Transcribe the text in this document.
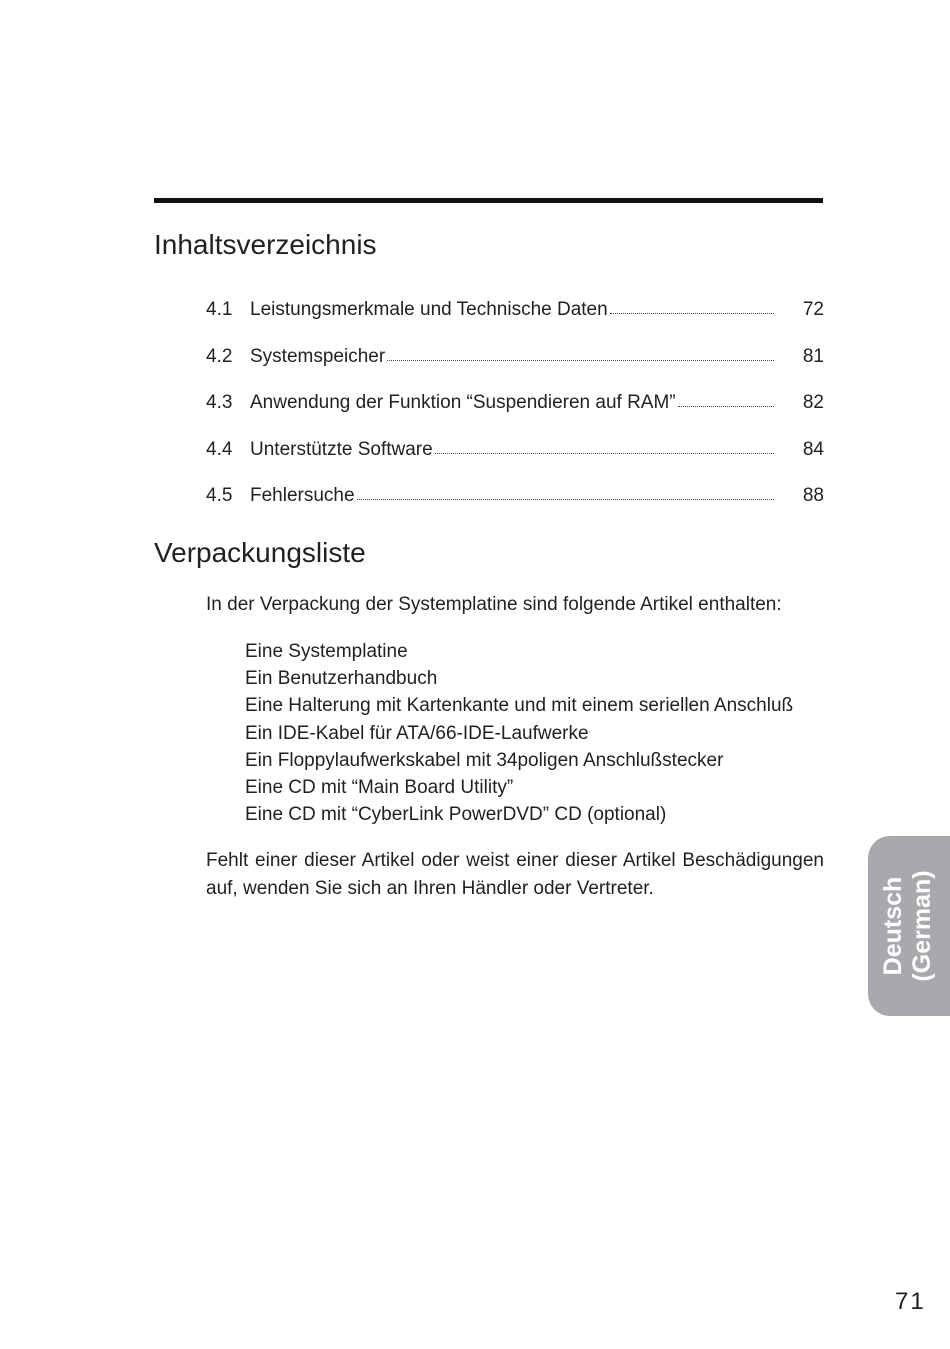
Inhaltsverzeichnis
4.1 Leistungsmerkmale und Technische Daten	72
4.2 Systemspeicher	81
4.3 Anwendung der Funktion “Suspendieren auf RAM”	82
4.4 Unterstützte Software	84
4.5 Fehlersuche	88
Verpackungsliste

In der Verpackung der Systemplatine sind folgende Artikel enthalten:

Eine Systemplatine
Ein Benutzerhandbuch
Eine Halterung mit Kartenkante und mit einem seriellen Anschluß
Ein IDE-Kabel für ATA/66-IDE-Laufwerke
Ein Floppylaufwerkskabel mit 34poligen Anschlußstecker
Eine CD mit “Main Board Utility”
Eine CD mit “CyberLink PowerDVD” CD (optional)

Fehlt einer dieser Artikel oder weist einer dieser Artikel Beschädigungen auf, wenden Sie sich an Ihren Händler oder Vertreter.	Deutsch (German)
71
